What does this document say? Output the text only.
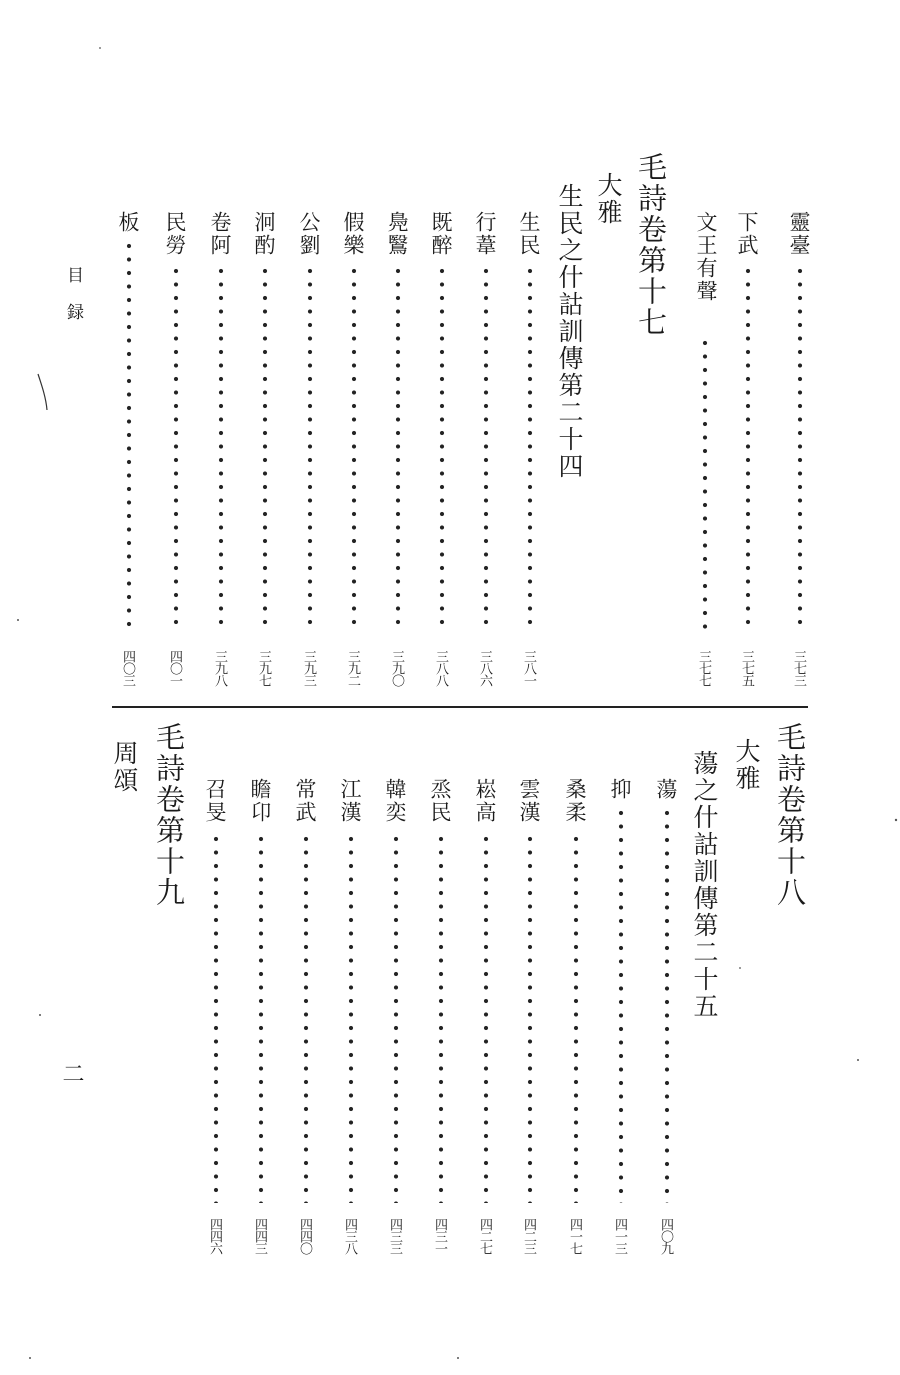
目録
二
靈臺
三七三
下武
三七五
文王有聲
三七七
毛詩卷第十七
大雅
生民之什詁訓傳第二十四
生民
三八一
行葦
三八六
既醉
三八八
鳧鷖
三九〇
假樂
三九二
公劉
三九三
泂酌
三九七
卷阿
三九八
民勞
四〇一
板
四〇三
毛詩卷第十八
大雅
蕩之什詁訓傳第二十五
蕩
四〇九
抑
四一三
桑柔
四一七
雲漢
四二三
崧高
四二七
烝民
四三一
韓奕
四三三
江漢
四三八
常武
四四〇
瞻卬
四四三
召旻
四四六
毛詩卷第十九
周頌
